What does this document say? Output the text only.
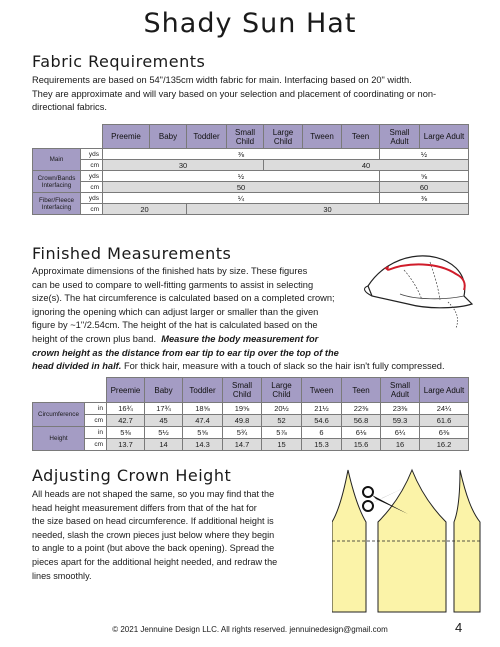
Shady Sun Hat
Fabric Requirements
Requirements are based on 54"/135cm width fabric for main. Interfacing based on 20" width.
They are approximate and will vary based on your selection and placement of coordinating or non-
directional fabrics.
		Preemie	Baby	Toddler	Small Child	Large Child	Tween	Teen	Small Adult	Large Adult
Main	yds	⅜							½	
	cm	30				40				
Crown/Bands Interfacing	yds	½							⅝	
	cm	50							60	
Fiber/Fleece Interfacing	yds	¼							⅜	
	cm	20		30						
Finished Measurements
Approximate dimensions of the finished hats by size. These figures
can be used to compare to well-fitting garments to assist in selecting
size(s). The hat circumference is calculated based on a completed crown;
ignoring the opening which can adjust larger or smaller than the given
figure by ~1"/2.54cm. The height of the hat is calculated based on the
height of the crown plus band. Measure the body measurement for
crown height as the distance from ear tip to ear tip over the top of the
head divided in half. For thick hair, measure with a touch of slack so the hair isn't fully compressed.
		Preemie	Baby	Toddler	Small Child	Large Child	Tween	Teen	Small Adult	Large Adult
Circumference	in	16¾	17¾	18⅝	19⅝	20½	21½	22⅜	23⅜	24¼
	cm	42.7	45	47.4	49.8	52	54.6	56.8	59.3	61.6
Height	in	5⅜	5½	5⅝	5¾	5⅞	6	6⅛	6¼	6⅜
	cm	13.7	14	14.3	14.7	15	15.3	15.6	16	16.2
Adjusting Crown Height
All heads are not shaped the same, so you may find that the
head height measurement differs from that of the hat for
the size based on head circumference. If additional height is
needed, slash the crown pieces just below where they begin
to angle to a point (but above the back opening). Spread the
pieces apart for the additional height needed, and redraw the
lines smoothly.
© 2021 Jennuine Design LLC. All rights reserved. jennuinedesign@gmail.com	4
